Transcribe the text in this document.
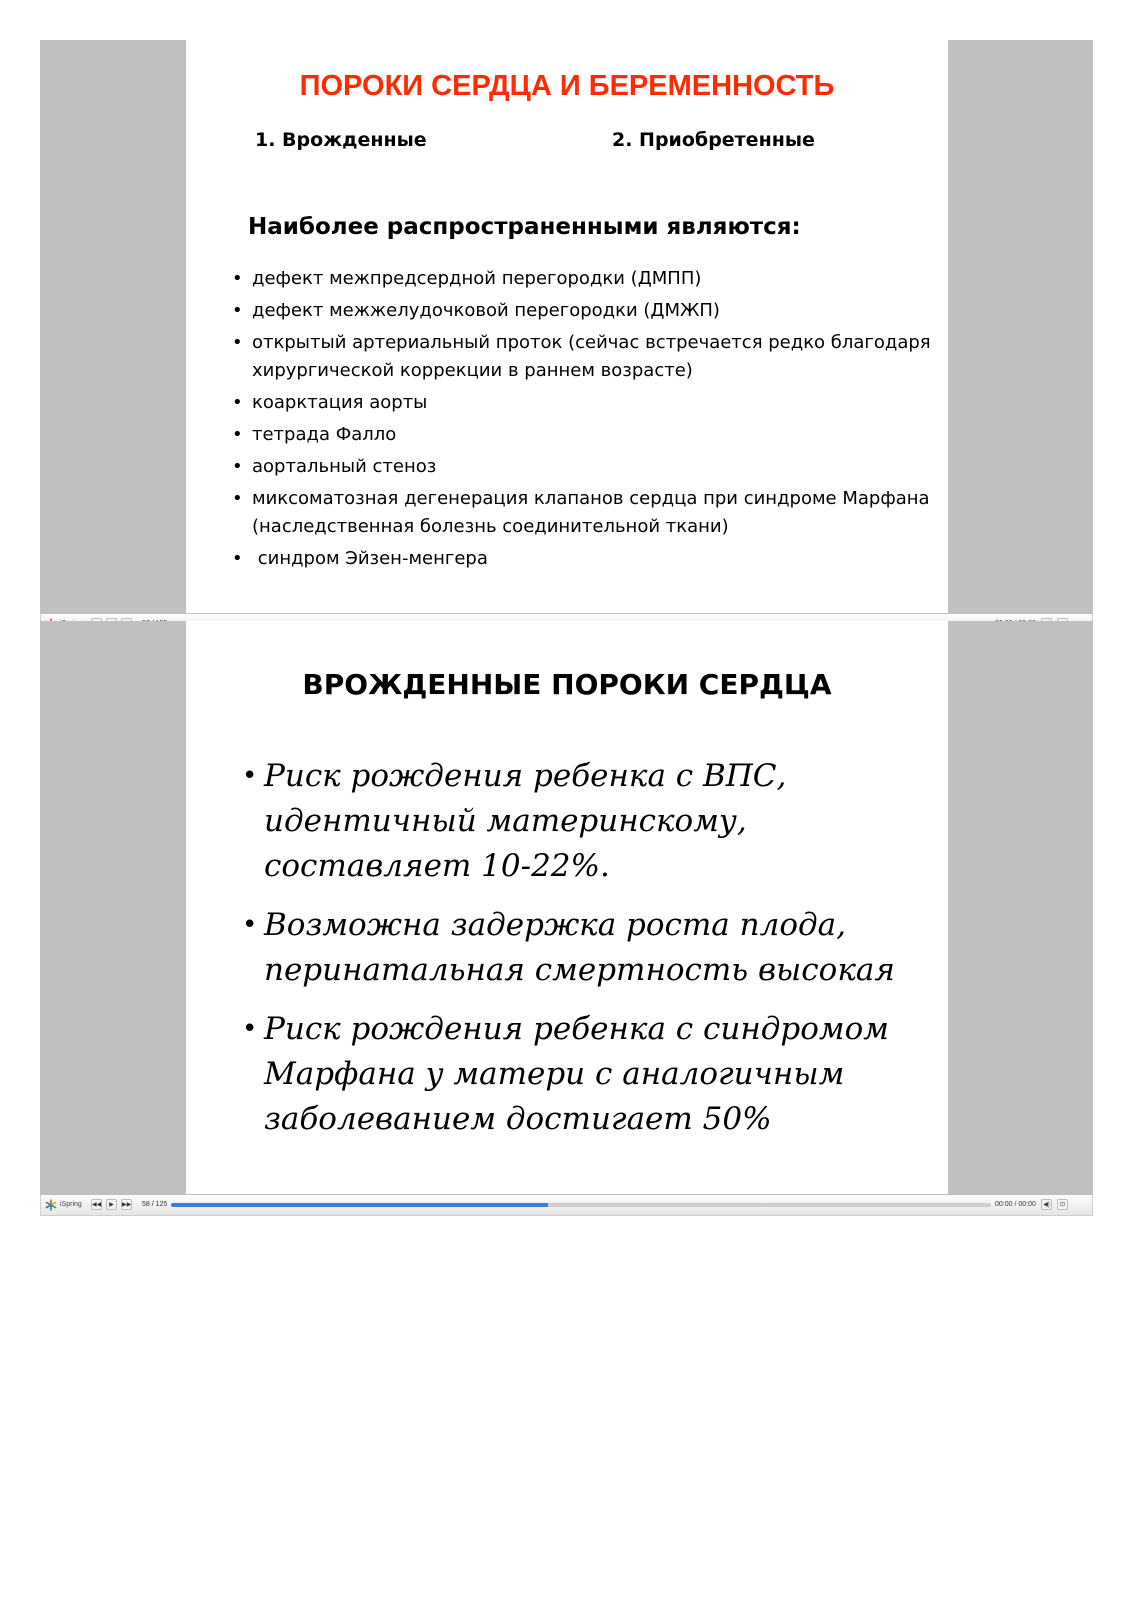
ПОРОКИ СЕРДЦА И БЕРЕМЕННОСТЬ
1. Врожденные	2. Приобретенные
Наиболее распространенными являются:
• дефект межпредсердной перегородки (ДМПП)
• дефект межжелудочковой перегородки (ДМЖП)
• открытый артериальный проток (сейчас встречается редко благодаря хирургической коррекции в раннем возрасте)
• коарктация аорты
• тетрада Фалло
• аортальный стеноз
• миксоматозная дегенерация клапанов сердца при синдроме Марфана (наследственная болезнь соединительной ткани)
•  синдром Эйзен-менгера
ВРОЖДЕННЫЕ ПОРОКИ СЕРДЦА
• Риск рождения ребенка с ВПС, идентичный материнскому, составляет 10-22%.
• Возможна задержка роста плода, перинатальная смертность высокая
• Риск рождения ребенка с синдромом Марфана у матери с аналогичным заболеванием достигает 50%
iSpring ◀◀	▶	▶▶ 58 / 125	00:00 / 00:00	◀)	⊡
